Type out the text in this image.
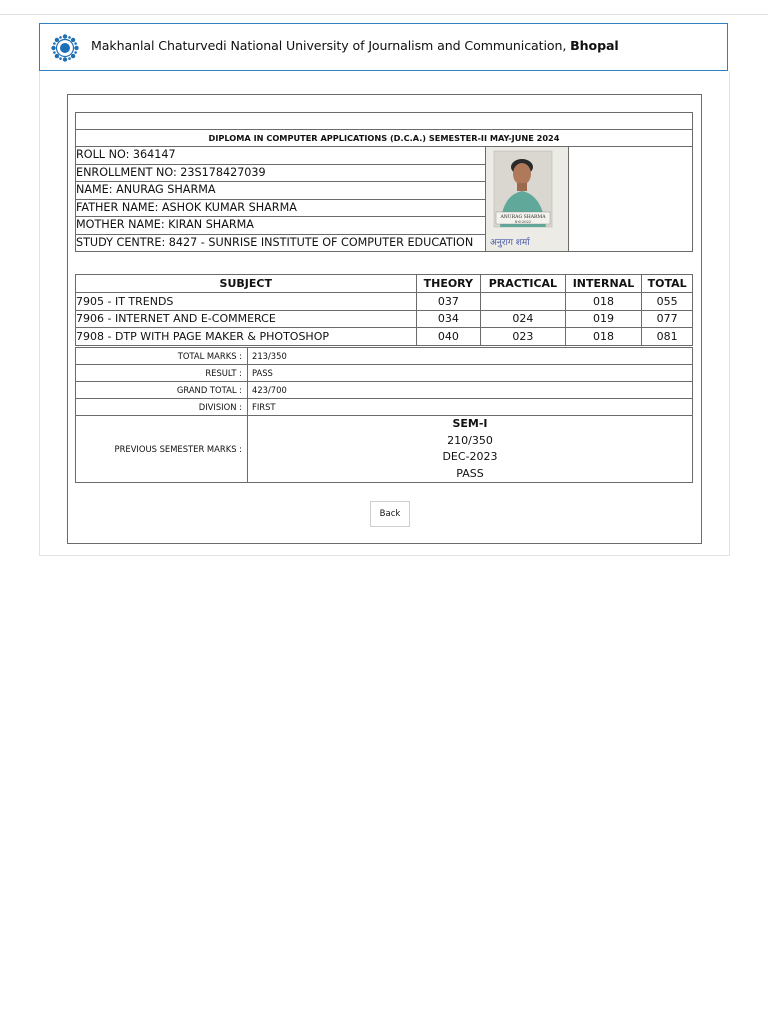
Makhanlal Chaturvedi National University of Journalism and Communication, Bhopal

DIPLOMA IN COMPUTER APPLICATIONS (D.C.A.) SEMESTER-II MAY-JUNE 2024
ROLL NO: 364147	
ANURAG SHARMA
8-6-2022
अनुराग शर्मा

ENROLLMENT NO: 23S178427039
NAME: ANURAG SHARMA
FATHER NAME: ASHOK KUMAR SHARMA
MOTHER NAME: KIRAN SHARMA
STUDY CENTRE: 8427 - SUNRISE INSTITUTE OF COMPUTER EDUCATION
SUBJECT	THEORY	PRACTICAL	INTERNAL	TOTAL
7905 - IT TRENDS	037		018	055
7906 - INTERNET AND E-COMMERCE	034	024	019	077
7908 - DTP WITH PAGE MAKER & PHOTOSHOP	040	023	018	081
TOTAL MARKS :	213/350
RESULT :	PASS
GRAND TOTAL :	423/700
DIVISION :	FIRST
PREVIOUS SEMESTER MARKS :	SEM-I
210/350
DEC-2023
PASS
Back
